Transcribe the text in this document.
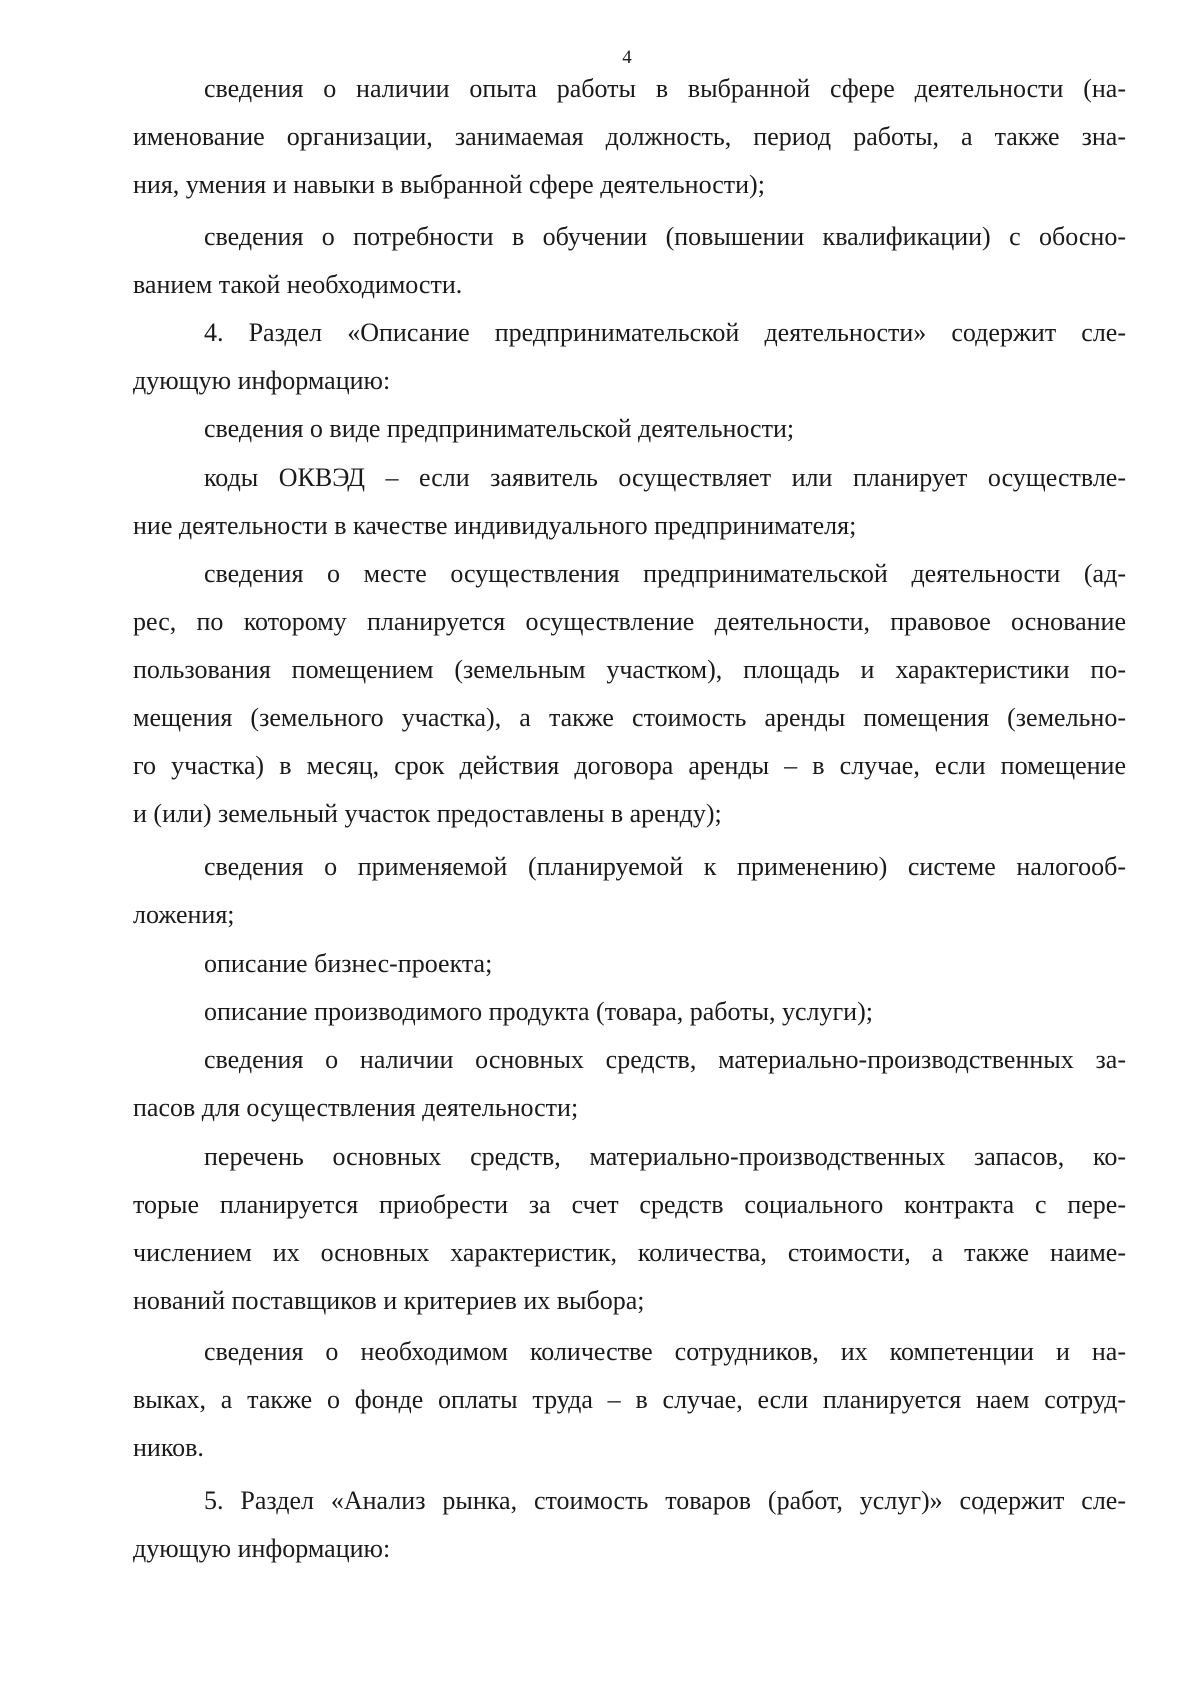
4
сведения о наличии опыта работы в выбранной сфере деятельности (на-
именование организации, занимаемая должность, период работы, а также зна-
ния, умения и навыки в выбранной сфере деятельности);
сведения о потребности в обучении (повышении квалификации) с обосно-
ванием такой необходимости.
4. Раздел «Описание предпринимательской деятельности» содержит сле-
дующую информацию:
сведения о виде предпринимательской деятельности;
коды ОКВЭД – если заявитель осуществляет или планирует осуществле-
ние деятельности в качестве индивидуального предпринимателя;
сведения о месте осуществления предпринимательской деятельности (ад-
рес, по которому планируется осуществление деятельности, правовое основание
пользования помещением (земельным участком), площадь и характеристики по-
мещения (земельного участка), а также стоимость аренды помещения (земельно-
го участка) в месяц, срок действия договора аренды – в случае, если помещение
и (или) земельный участок предоставлены в аренду);
сведения о применяемой (планируемой к применению) системе налогооб-
ложения;
описание бизнес-проекта;
описание производимого продукта (товара, работы, услуги);
сведения о наличии основных средств, материально-производственных за-
пасов для осуществления деятельности;
перечень основных средств, материально-производственных запасов, ко-
торые планируется приобрести за счет средств социального контракта с пере-
числением их основных характеристик, количества, стоимости, а также наиме-
нований поставщиков и критериев их выбора;
сведения о необходимом количестве сотрудников, их компетенции и на-
выках, а также о фонде оплаты труда – в случае, если планируется наем сотруд-
ников.
5. Раздел «Анализ рынка, стоимость товаров (работ, услуг)» содержит сле-
дующую информацию:
